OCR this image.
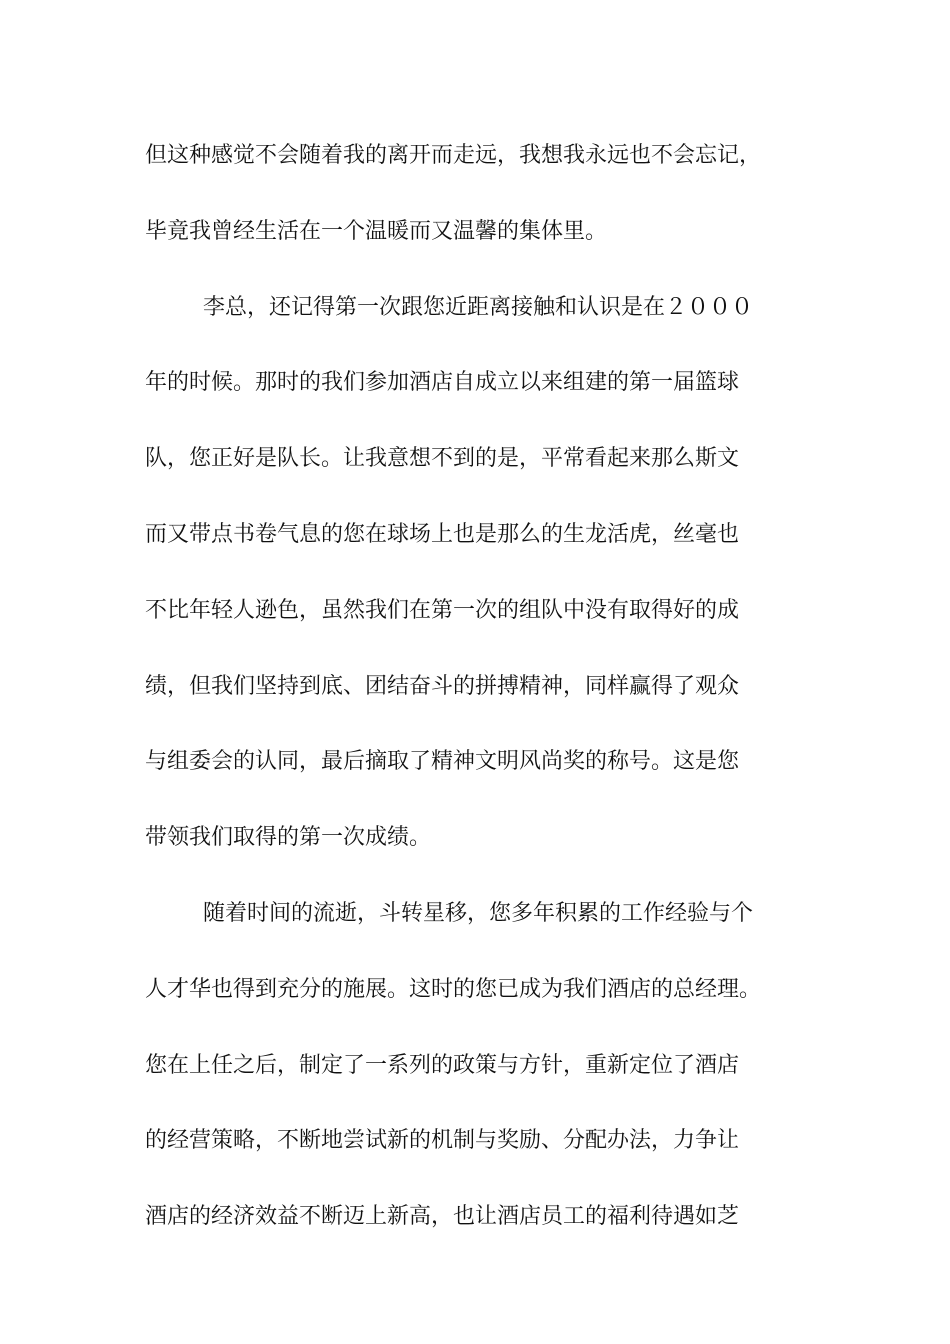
但这种感觉不会随着我的离开而走远，我想我永远也不会忘记，
毕竟我曾经生活在一个温暖而又温馨的集体里。
李总，还记得第一次跟您近距离接触和认识是在２０００
年的时候。那时的我们参加酒店自成立以来组建的第一届篮球
队，您正好是队长。让我意想不到的是，平常看起来那么斯文
而又带点书卷气息的您在球场上也是那么的生龙活虎，丝毫也
不比年轻人逊色，虽然我们在第一次的组队中没有取得好的成
绩，但我们坚持到底、团结奋斗的拼搏精神，同样赢得了观众
与组委会的认同，最后摘取了精神文明风尚奖的称号。这是您
带领我们取得的第一次成绩。
随着时间的流逝，斗转星移，您多年积累的工作经验与个
人才华也得到充分的施展。这时的您已成为我们酒店的总经理。
您在上任之后，制定了一系列的政策与方针，重新定位了酒店
的经营策略，不断地尝试新的机制与奖励、分配办法，力争让
酒店的经济效益不断迈上新高，也让酒店员工的福利待遇如芝
